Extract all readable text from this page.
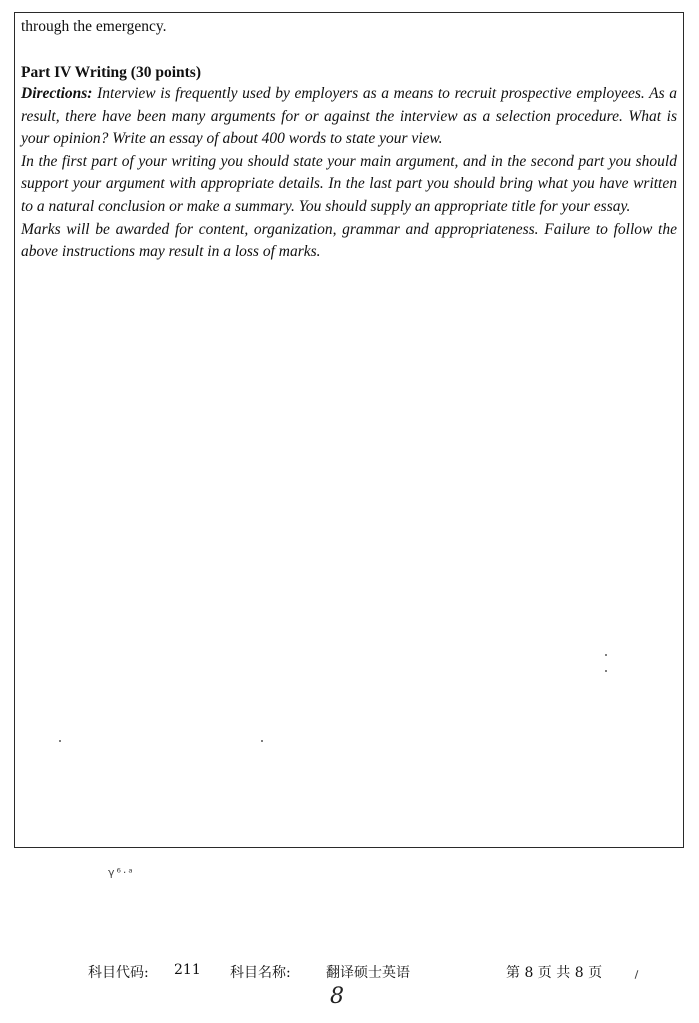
through the emergency.
Part IV Writing (30 points)

Directions: Interview is frequently used by employers as a means to recruit prospective employees. As a result, there have been many arguments for or against the interview as a selection procedure. What is your opinion? Write an essay of about 400 words to state your view.

In the first part of your writing you should state your main argument, and in the second part you should support your argument with appropriate details. In the last part you should bring what you have written to a natural conclusion or make a summary. You should supply an appropriate title for your essay.

Marks will be awarded for content, organization, grammar and appropriateness. Failure to follow the above instructions may result in a loss of marks.

γ⁶·ᵃ
科目代码: 211 科目名称:	翻译硕士英语	第 8 页 共 8 页
8
